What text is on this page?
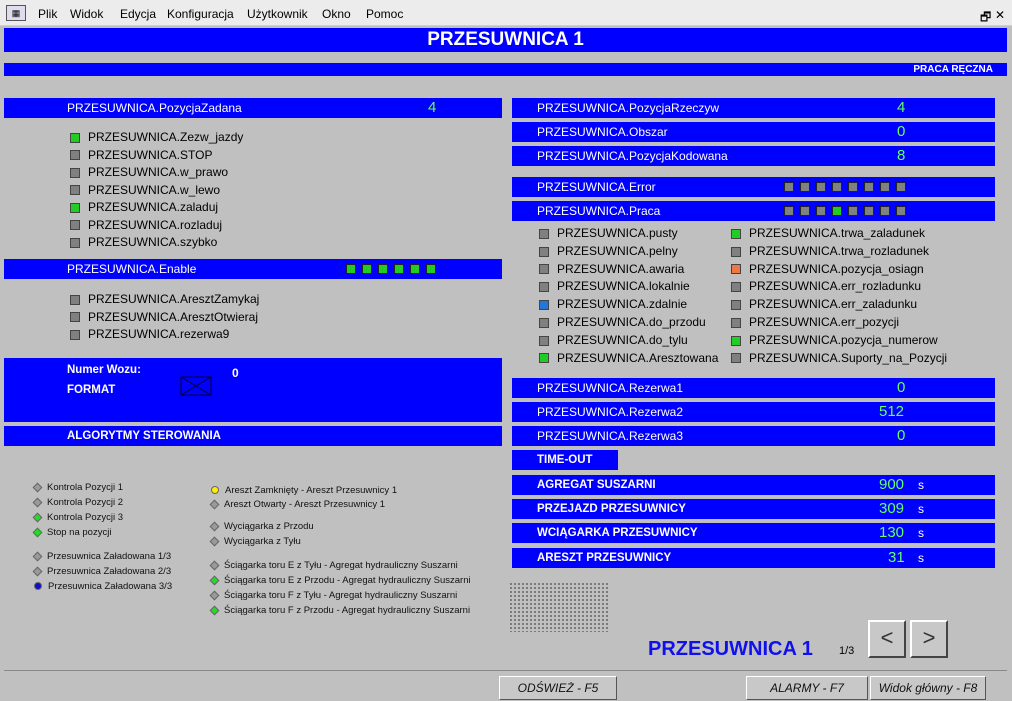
▦	Plik Widok Edycja Konfiguracja Użytkownik Okno Pomoc	🗗 ✕
PRZESUWNICA 1
PRACA RĘCZNA
PRZESUWNICA.PozycjaZadana	4
PRZESUWNICA.Zezw_jazdy
PRZESUWNICA.STOP
PRZESUWNICA.w_prawo
PRZESUWNICA.w_lewo
PRZESUWNICA.zaladuj
PRZESUWNICA.rozladuj
PRZESUWNICA.szybko
PRZESUWNICA.Enable
PRZESUWNICA.AresztZamykaj
PRZESUWNICA.AresztOtwieraj
PRZESUWNICA.rezerwa9
Numer Wozu:	0
FORMAT
ALGORYTMY STEROWANIA
Kontrola Pozycji 1
Kontrola Pozycji 2
Kontrola Pozycji 3
Stop na pozycji
Przesuwnica Załadowana 1/3
Przesuwnica Załadowana 2/3
Przesuwnica Załadowana 3/3
Areszt Zamknięty - Areszt Przesuwnicy 1
Areszt Otwarty - Areszt Przesuwnicy 1
Wyciągarka z Przodu
Wyciągarka z Tyłu
Ściągarka toru E z Tyłu - Agregat hydrauliczny Suszarni
Ściągarka toru E z Przodu - Agregat hydrauliczny Suszarni
Ściągarka toru F z Tyłu - Agregat hydrauliczny Suszarni
Ściągarka toru F z Przodu - Agregat hydrauliczny Suszarni
PRZESUWNICA.PozycjaRzeczyw	4
PRZESUWNICA.Obszar	0
PRZESUWNICA.PozycjaKodowana	8
PRZESUWNICA.Error
PRZESUWNICA.Praca
PRZESUWNICA.pusty
PRZESUWNICA.pelny
PRZESUWNICA.awaria
PRZESUWNICA.lokalnie
PRZESUWNICA.zdalnie
PRZESUWNICA.do_przodu
PRZESUWNICA.do_tylu
PRZESUWNICA.Aresztowana
PRZESUWNICA.trwa_zaladunek
PRZESUWNICA.trwa_rozladunek
PRZESUWNICA.pozycja_osiagn
PRZESUWNICA.err_rozladunku
PRZESUWNICA.err_zaladunku
PRZESUWNICA.err_pozycji
PRZESUWNICA.pozycja_numerow
PRZESUWNICA.Suporty_na_Pozycji
PRZESUWNICA.Rezerwa1	0
PRZESUWNICA.Rezerwa2	512
PRZESUWNICA.Rezerwa3	0
TIME-OUT
AGREGAT SUSZARNI	900 s
PRZEJAZD PRZESUWNICY	309 s
WCIĄGARKA PRZESUWNICY	130 s
ARESZT PRZESUWNICY	31 s
PRZESUWNICA 1 1/3
<	>
ODŚWIEŻ - F5	ALARMY - F7	Widok główny - F8
